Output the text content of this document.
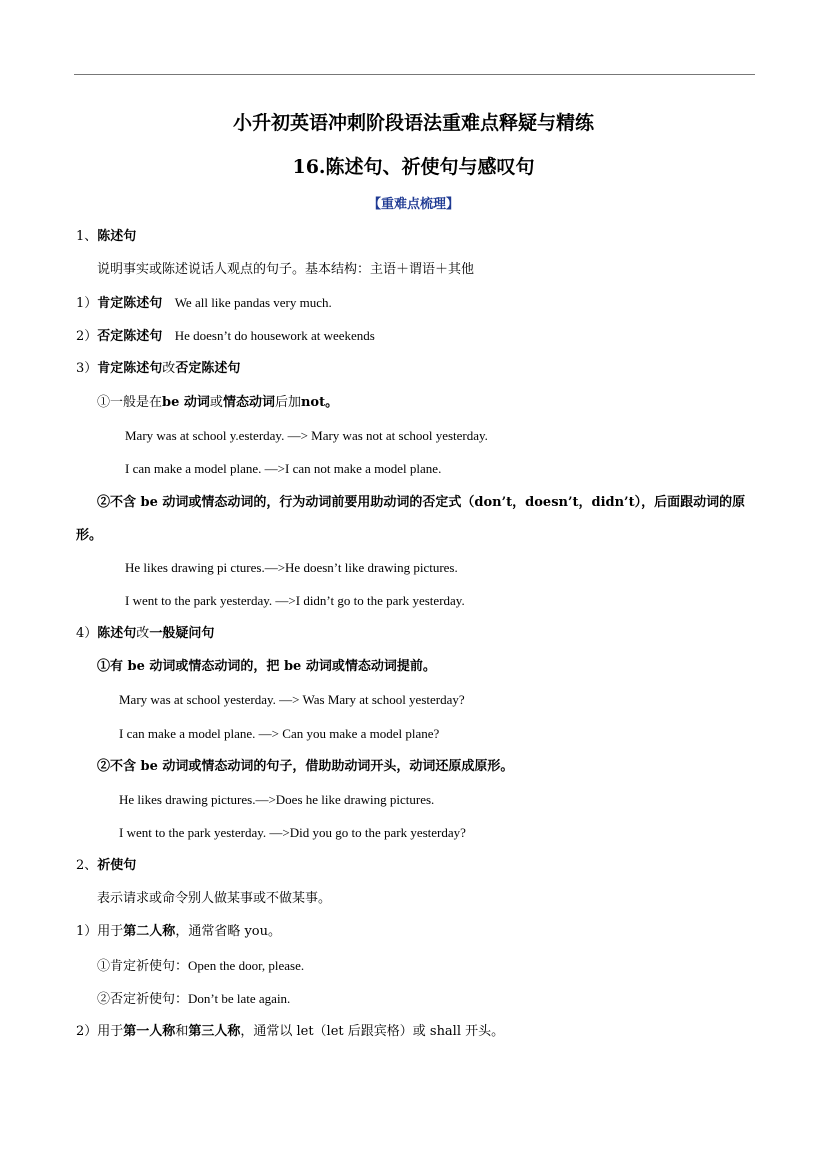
小升初英语冲刺阶段语法重难点释疑与精练
16.陈述句、祈使句与感叹句
【重难点梳理】
1、陈述句
说明事实或陈述说话人观点的句子。基本结构：主语＋谓语＋其他
1）肯定陈述句 We all like pandas very much.
2）否定陈述句 He doesn’t do housework at weekends
3）肯定陈述句改否定陈述句
①一般是在be 动词或情态动词后加not。
Mary was at school y.esterday. —> Mary was not at school yesterday.
I can make a model plane. —>I can not make a model plane.
②不含 be 动词或情态动词的，行为动词前要用助动词的否定式（don’t，doesn’t，didn’t），后面跟动词的原形。
He likes drawing pi ctures.—>He doesn’t like drawing pictures.
I went to the park yesterday. —>I didn’t go to the park yesterday.
4）陈述句改一般疑问句
①有 be 动词或情态动词的，把 be 动词或情态动词提前。
Mary was at school yesterday. —> Was Mary at school yesterday?
I can make a model plane. —> Can you make a model plane?
②不含 be 动词或情态动词的句子，借助助动词开头，动词还原成原形。
He likes drawing pictures.—>Does he like drawing pictures.
I went to the park yesterday. —>Did you go to the park yesterday?
2、祈使句
表示请求或命令别人做某事或不做某事。
1）用于第二人称，通常省略 you。
①肯定祈使句：Open the door, please.
②否定祈使句：Don’t be late again.
2）用于第一人称和第三人称，通常以 let（let 后跟宾格）或 shall 开头。
